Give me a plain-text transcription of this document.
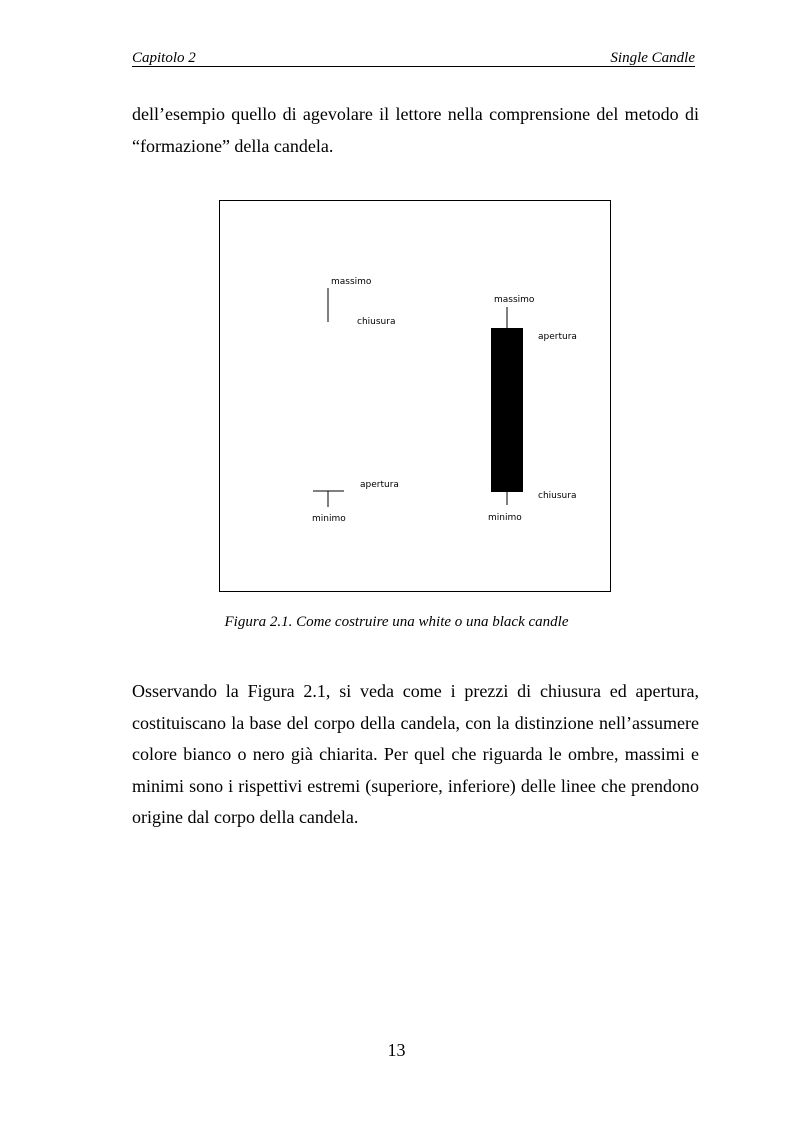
Capitolo 2	Single Candle

dell’esempio quello di agevolare il lettore nella comprensione del metodo di “formazione” della candela.

massimo
chiusura
apertura
minimo
massimo
apertura
chiusura
minimo
Figura 2.1. Come costruire una white o una black candle

Osservando la Figura 2.1, si veda come i prezzi di chiusura ed apertura, costituiscano la base del corpo della candela, con la distinzione nell’assumere colore bianco o nero già chiarita. Per quel che riguarda le ombre, massimi e minimi sono i rispettivi estremi (superiore, inferiore) delle linee che prendono origine dal corpo della candela.

13
